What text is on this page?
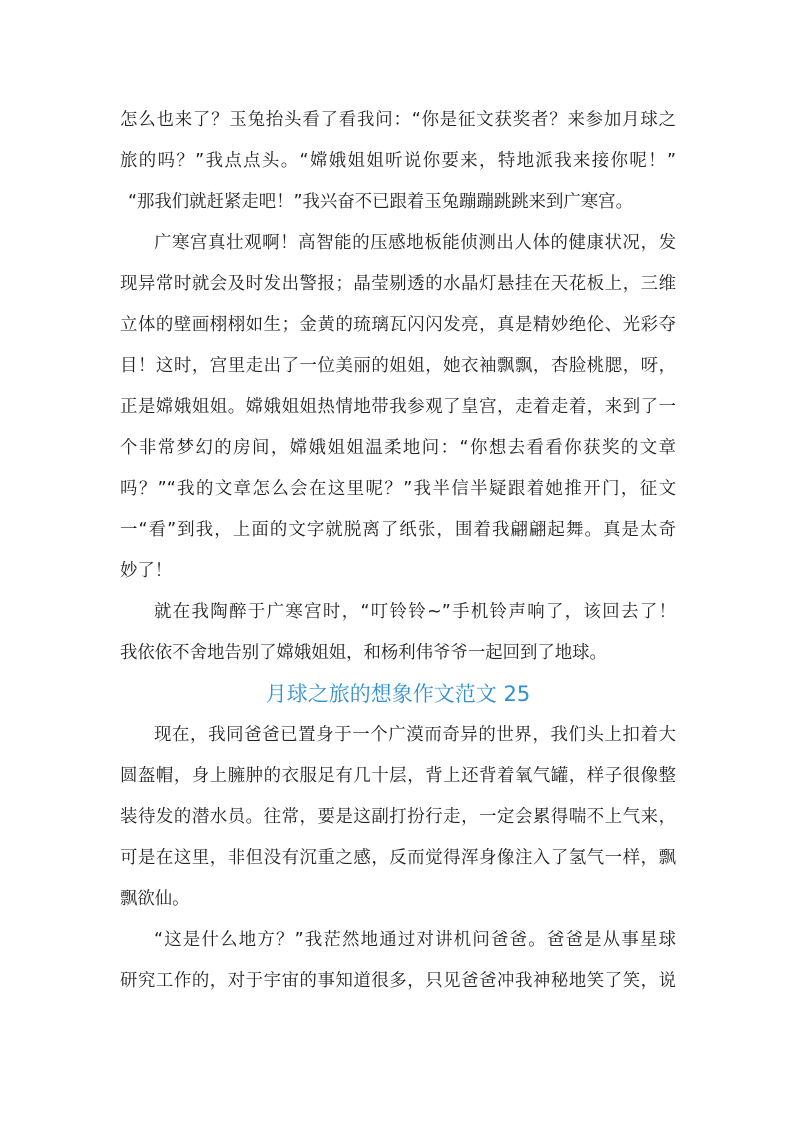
怎么也来了？玉兔抬头看了看我问：“你是征文获奖者？来参加月球之
旅的吗？”我点点头。“嫦娥姐姐听说你要来，特地派我来接你呢！”
“那我们就赶紧走吧！”我兴奋不已跟着玉兔蹦蹦跳跳来到广寒宫。
广寒宫真壮观啊！高智能的压感地板能侦测出人体的健康状况，发
现异常时就会及时发出警报；晶莹剔透的水晶灯悬挂在天花板上，三维
立体的壁画栩栩如生；金黄的琉璃瓦闪闪发亮，真是精妙绝伦、光彩夺
目！这时，宫里走出了一位美丽的姐姐，她衣袖飘飘，杏脸桃腮，呀，
正是嫦娥姐姐。嫦娥姐姐热情地带我参观了皇宫，走着走着，来到了一
个非常梦幻的房间，嫦娥姐姐温柔地问：“你想去看看你获奖的文章
吗？”“我的文章怎么会在这里呢？”我半信半疑跟着她推开门，征文
一“看”到我，上面的文字就脱离了纸张，围着我翩翩起舞。真是太奇
妙了！
就在我陶醉于广寒宫时，“叮铃铃~”手机铃声响了，该回去了！
我依依不舍地告别了嫦娥姐姐，和杨利伟爷爷一起回到了地球。
月球之旅的想象作文范文 25
现在，我同爸爸已置身于一个广漠而奇异的世界，我们头上扣着大
圆盔帽，身上臃肿的衣服足有几十层，背上还背着氧气罐，样子很像整
装待发的潜水员。往常，要是这副打扮行走，一定会累得喘不上气来，
可是在这里，非但没有沉重之感，反而觉得浑身像注入了氢气一样，飘
飘欲仙。
“这是什么地方？”我茫然地通过对讲机问爸爸。爸爸是从事星球
研究工作的，对于宇宙的事知道很多，只见爸爸冲我神秘地笑了笑，说
